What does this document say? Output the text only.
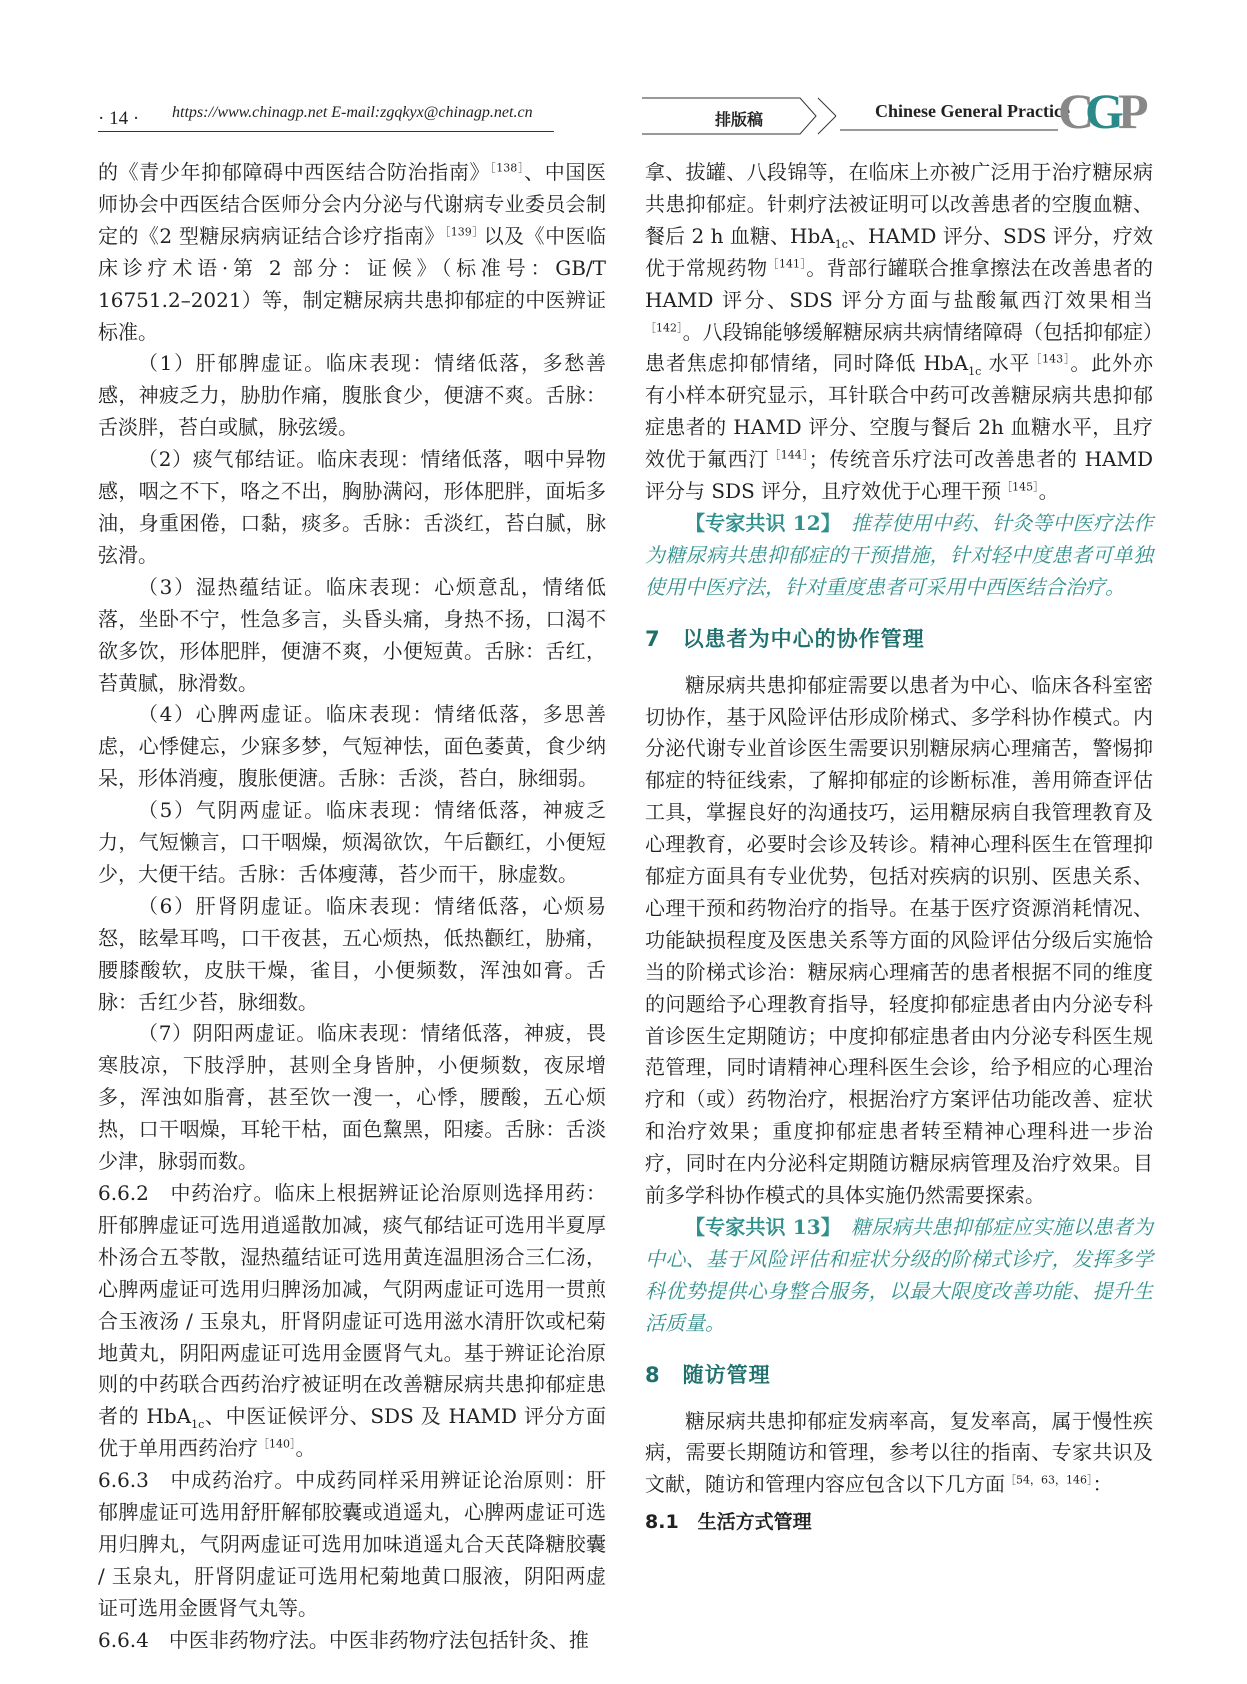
· 14 · https://www.chinagp.net E-mail:zgqkyx@chinagp.net.cn	排版稿	Chinese General Practice
C
G
P

的《青少年抑郁障碍中西医结合防治指南》$^{[138]}$、中国医师协会中西医结合医师分会内分泌与代谢病专业委员会制定的《2 型糖尿病病证结合诊疗指南》$^{[139]}$以及《中医临床诊疗术语·第 2 部分：证候》（标准号：GB/T 16751.2–2021）等，制定糖尿病共患抑郁症的中医辨证标准。

（1）肝郁脾虚证。临床表现：情绪低落，多愁善感，神疲乏力，胁肋作痛，腹胀食少，便溏不爽。舌脉：舌淡胖，苔白或腻，脉弦缓。

（2）痰气郁结证。临床表现：情绪低落，咽中异物感，咽之不下，咯之不出，胸胁满闷，形体肥胖，面垢多油，身重困倦，口黏，痰多。舌脉：舌淡红，苔白腻，脉弦滑。

（3）湿热蕴结证。临床表现：心烦意乱，情绪低落，坐卧不宁，性急多言，头昏头痛，身热不扬，口渴不欲多饮，形体肥胖，便溏不爽，小便短黄。舌脉：舌红，苔黄腻，脉滑数。

（4）心脾两虚证。临床表现：情绪低落，多思善虑，心悸健忘，少寐多梦，气短神怯，面色萎黄，食少纳呆，形体消瘦，腹胀便溏。舌脉：舌淡，苔白，脉细弱。

（5）气阴两虚证。临床表现：情绪低落，神疲乏力，气短懒言，口干咽燥，烦渴欲饮，午后颧红，小便短少，大便干结。舌脉：舌体瘦薄，苔少而干，脉虚数。

（6）肝肾阴虚证。临床表现：情绪低落，心烦易怒，眩晕耳鸣，口干夜甚，五心烦热，低热颧红，胁痛，腰膝酸软，皮肤干燥，雀目，小便频数，浑浊如膏。舌脉：舌红少苔，脉细数。

（7）阴阳两虚证。临床表现：情绪低落，神疲，畏寒肢凉，下肢浮肿，甚则全身皆肿，小便频数，夜尿增多，浑浊如脂膏，甚至饮一溲一，心悸，腰酸，五心烦热，口干咽燥，耳轮干枯，面色黧黑，阳痿。舌脉：舌淡少津，脉弱而数。

6.6.2　中药治疗。临床上根据辨证论治原则选择用药：肝郁脾虚证可选用逍遥散加减，痰气郁结证可选用半夏厚朴汤合五苓散，湿热蕴结证可选用黄连温胆汤合三仁汤，心脾两虚证可选用归脾汤加减，气阴两虚证可选用一贯煎合玉液汤 / 玉泉丸，肝肾阴虚证可选用滋水清肝饮或杞菊地黄丸，阴阳两虚证可选用金匮肾气丸。基于辨证论治原则的中药联合西药治疗被证明在改善糖尿病共患抑郁症患者的 HbA$_{1c}$、中医证候评分、SDS 及 HAMD 评分方面优于单用西药治疗$^{[140]}$。

6.6.3　中成药治疗。中成药同样采用辨证论治原则：肝郁脾虚证可选用舒肝解郁胶囊或逍遥丸，心脾两虚证可选用归脾丸，气阴两虚证可选用加味逍遥丸合天芪降糖胶囊 / 玉泉丸，肝肾阴虚证可选用杞菊地黄口服液，阴阳两虚证可选用金匮肾气丸等。

6.6.4　中医非药物疗法。中医非药物疗法包括针灸、推

拿、拔罐、八段锦等，在临床上亦被广泛用于治疗糖尿病共患抑郁症。针刺疗法被证明可以改善患者的空腹血糖、餐后 2 h 血糖、HbA$_{1c}$、HAMD 评分、SDS 评分，疗效优于常规药物$^{[141]}$。背部行罐联合推拿擦法在改善患者的 HAMD 评分、SDS 评分方面与盐酸氟西汀效果相当$^{[142]}$。八段锦能够缓解糖尿病共病情绪障碍（包括抑郁症）患者焦虑抑郁情绪，同时降低 HbA$_{1c}$ 水平$^{[143]}$。此外亦有小样本研究显示，耳针联合中药可改善糖尿病共患抑郁症患者的 HAMD 评分、空腹与餐后 2h 血糖水平，且疗效优于氟西汀$^{[144]}$；传统音乐疗法可改善患者的 HAMD 评分与 SDS 评分，且疗效优于心理干预$^{[145]}$。

【专家共识 12】　推荐使用中药、针灸等中医疗法作为糖尿病共患抑郁症的干预措施，针对轻中度患者可单独使用中医疗法，针对重度患者可采用中西医结合治疗。

7　以患者为中心的协作管理

糖尿病共患抑郁症需要以患者为中心、临床各科室密切协作，基于风险评估形成阶梯式、多学科协作模式。内分泌代谢专业首诊医生需要识别糖尿病心理痛苦，警惕抑郁症的特征线索，了解抑郁症的诊断标准，善用筛查评估工具，掌握良好的沟通技巧，运用糖尿病自我管理教育及心理教育，必要时会诊及转诊。精神心理科医生在管理抑郁症方面具有专业优势，包括对疾病的识别、医患关系、心理干预和药物治疗的指导。在基于医疗资源消耗情况、功能缺损程度及医患关系等方面的风险评估分级后实施恰当的阶梯式诊治：糖尿病心理痛苦的患者根据不同的维度的问题给予心理教育指导，轻度抑郁症患者由内分泌专科首诊医生定期随访；中度抑郁症患者由内分泌专科医生规范管理，同时请精神心理科医生会诊，给予相应的心理治疗和（或）药物治疗，根据治疗方案评估功能改善、症状和治疗效果；重度抑郁症患者转至精神心理科进一步治疗，同时在内分泌科定期随访糖尿病管理及治疗效果。目前多学科协作模式的具体实施仍然需要探索。

【专家共识 13】　糖尿病共患抑郁症应实施以患者为中心、基于风险评估和症状分级的阶梯式诊疗，发挥多学科优势提供心身整合服务，以最大限度改善功能、提升生活质量。

8　随访管理

糖尿病共患抑郁症发病率高，复发率高，属于慢性疾病，需要长期随访和管理，参考以往的指南、专家共识及文献，随访和管理内容应包含以下几方面$^{[54,63,146]}$：

8.1　生活方式管理
